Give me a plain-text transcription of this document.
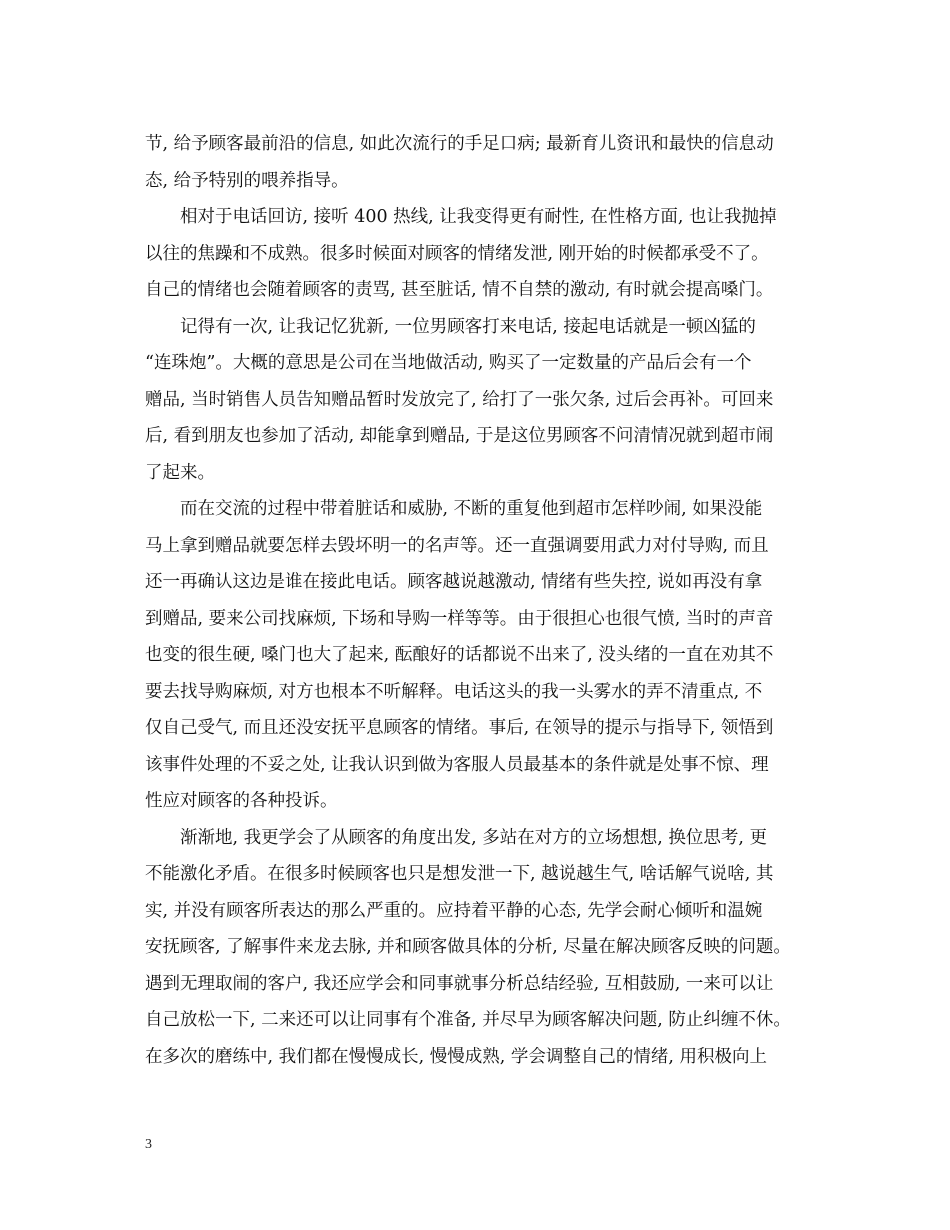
节, 给予顾客最前沿的信息, 如此次流行的手足口病; 最新育儿资讯和最快的信息动
态, 给予特别的喂养指导。
相对于电话回访, 接听 400 热线, 让我变得更有耐性, 在性格方面, 也让我抛掉
以往的焦躁和不成熟。很多时候面对顾客的情绪发泄, 刚开始的时候都承受不了。
自己的情绪也会随着顾客的责骂, 甚至脏话, 情不自禁的激动, 有时就会提高嗓门。
记得有一次, 让我记忆犹新, 一位男顾客打来电话, 接起电话就是一顿凶猛的
“连珠炮”。大概的意思是公司在当地做活动, 购买了一定数量的产品后会有一个
赠品, 当时销售人员告知赠品暂时发放完了, 给打了一张欠条, 过后会再补。可回来
后, 看到朋友也参加了活动, 却能拿到赠品, 于是这位男顾客不问清情况就到超市闹
了起来。
而在交流的过程中带着脏话和威胁, 不断的重复他到超市怎样吵闹, 如果没能
马上拿到赠品就要怎样去毁坏明一的名声等。还一直强调要用武力对付导购, 而且
还一再确认这边是谁在接此电话。顾客越说越激动, 情绪有些失控, 说如再没有拿
到赠品, 要来公司找麻烦, 下场和导购一样等等。由于很担心也很气愤, 当时的声音
也变的很生硬, 嗓门也大了起来, 酝酿好的话都说不出来了, 没头绪的一直在劝其不
要去找导购麻烦, 对方也根本不听解释。电话这头的我一头雾水的弄不清重点, 不
仅自己受气, 而且还没安抚平息顾客的情绪。事后, 在领导的提示与指导下, 领悟到
该事件处理的不妥之处, 让我认识到做为客服人员最基本的条件就是处事不惊、理
性应对顾客的各种投诉。
渐渐地, 我更学会了从顾客的角度出发, 多站在对方的立场想想, 换位思考, 更
不能激化矛盾。在很多时候顾客也只是想发泄一下, 越说越生气, 啥话解气说啥, 其
实, 并没有顾客所表达的那么严重的。应持着平静的心态, 先学会耐心倾听和温婉
安抚顾客, 了解事件来龙去脉, 并和顾客做具体的分析, 尽量在解决顾客反映的问题。
遇到无理取闹的客户, 我还应学会和同事就事分析总结经验, 互相鼓励, 一来可以让
自己放松一下, 二来还可以让同事有个准备, 并尽早为顾客解决问题, 防止纠缠不休。
在多次的磨练中, 我们都在慢慢成长, 慢慢成熟, 学会调整自己的情绪, 用积极向上
3
